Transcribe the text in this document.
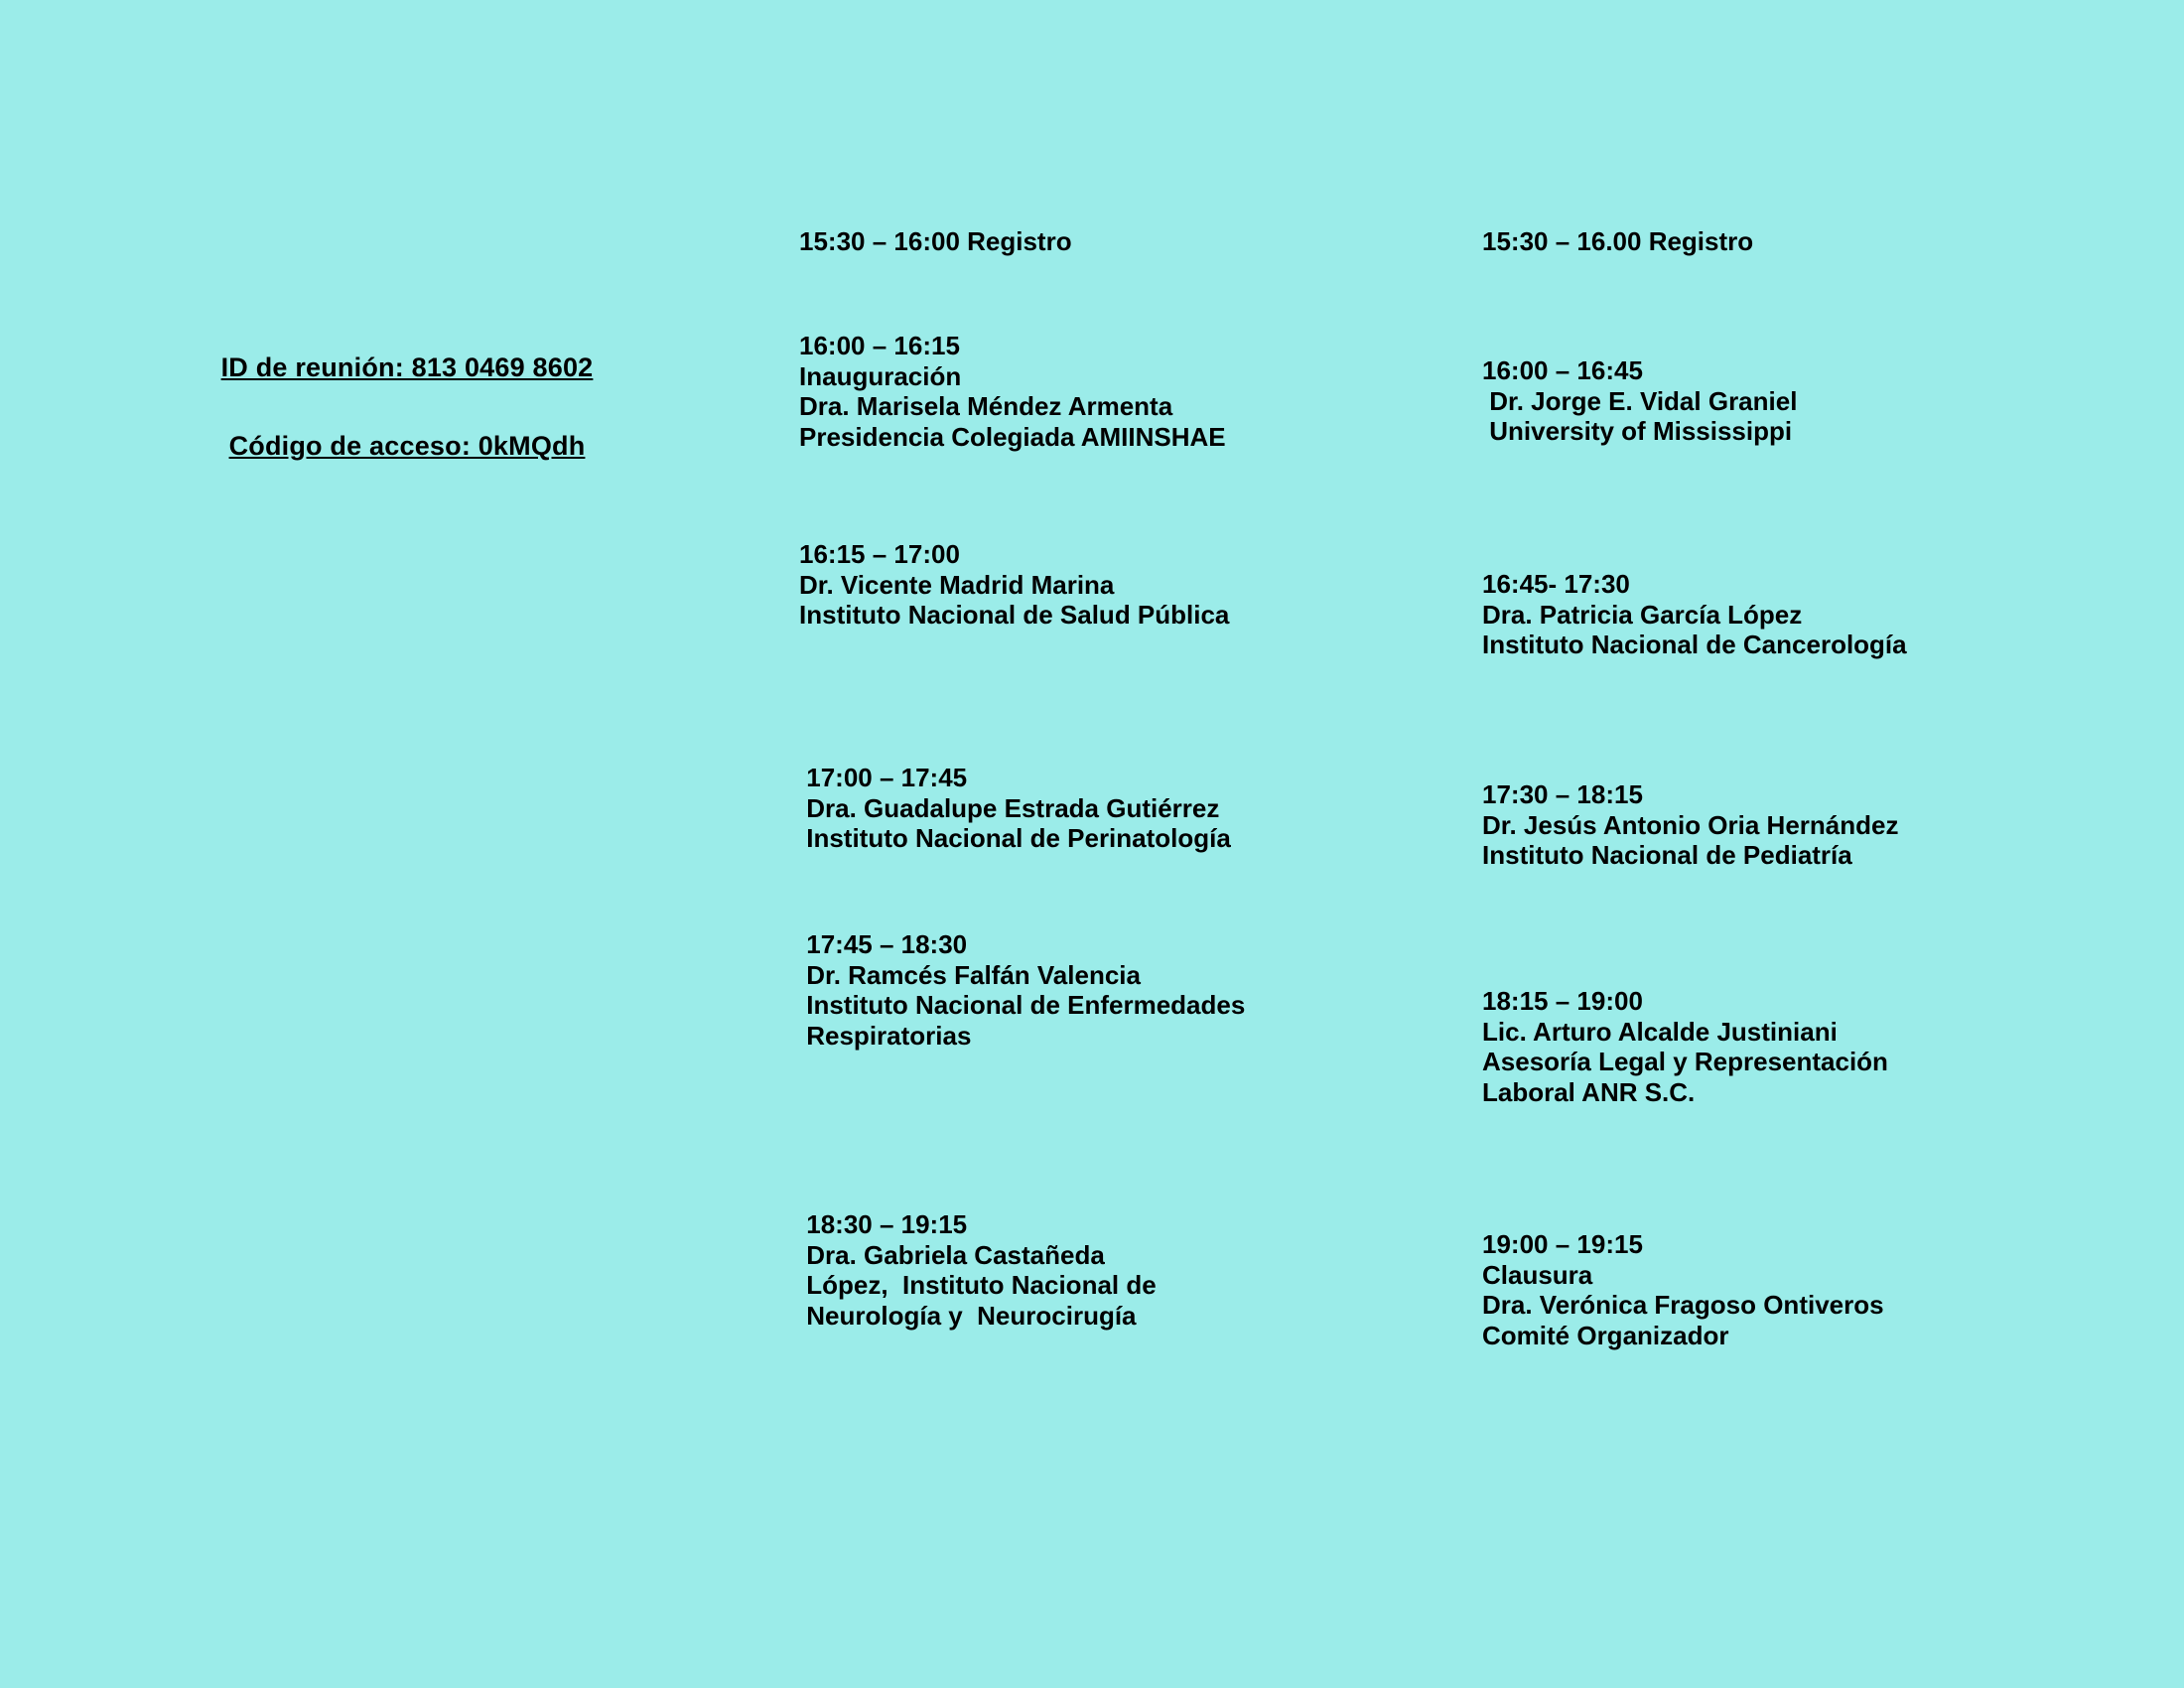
ID de reunión: 813 0469 8602
Código de acceso: 0kMQdh
15:30 – 16:00 Registro
16:00 – 16:15
Inauguración
Dra. Marisela Méndez Armenta
Presidencia Colegiada AMIINSHAE
16:15 – 17:00
Dr. Vicente Madrid Marina
Instituto Nacional de Salud Pública
17:00 – 17:45
Dra. Guadalupe Estrada Gutiérrez
Instituto Nacional de Perinatología
17:45 – 18:30
Dr. Ramcés Falfán Valencia
Instituto Nacional de Enfermedades
Respiratorias
18:30 – 19:15
Dra. Gabriela Castañeda
López,  Instituto Nacional de
Neurología y  Neurocirugía
15:30 – 16.00 Registro
16:00 – 16:45
Dr. Jorge E. Vidal Graniel
University of Mississippi
16:45- 17:30
Dra. Patricia García López
Instituto Nacional de Cancerología
17:30 – 18:15
Dr. Jesús Antonio Oria Hernández
Instituto Nacional de Pediatría
18:15 – 19:00
Lic. Arturo Alcalde Justiniani
Asesoría Legal y Representación
Laboral ANR S.C.
19:00 – 19:15
Clausura
Dra. Verónica Fragoso Ontiveros
Comité Organizador
